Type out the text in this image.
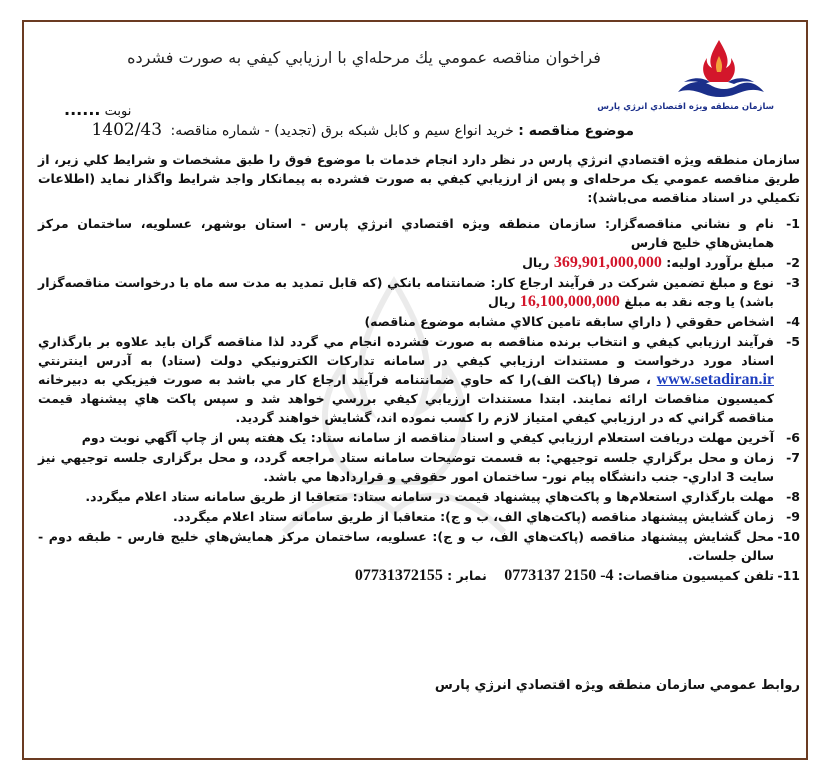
سازمان منطقه ويژه اقتصادي انرژي پارس
فراخوان مناقصه عمومي يك مرحله‌اي با ارزيابي كيفي به صورت فشرده
نوبت ......
موضوع مناقصه : خريد انواع سيم و كابل شبكه برق (تجديد) - شماره مناقصه: 1402/43
سازمان منطقه ويژه اقتصادي انرژي پارس در نظر دارد انجام خدمات با موضوع فوق را طبق مشخصات و شرايط كلي زير، از طريق مناقصه عمومي يک مرحله‌ای و پس از ارزيابي كيفي به صورت فشرده به پيمانكار واجد شرايط واگذار نمايد (اطلاعات تکميلي در اسناد مناقصه می‌باشد):
1-
نام و نشاني مناقصه‌گزار: سازمان منطقه ويژه اقتصادي انرژي پارس - استان بوشهر، عسلويه، ساختمان مركز همايش‌هاي خليج فارس
2-
مبلغ برآورد اوليه: 369,901,000,000 ريال
3-
نوع و مبلغ تضمين شركت در فرآيند ارجاع كار: ضمانتنامه بانكي (كه قابل تمديد به مدت سه ماه با درخواست مناقصه‌گزار باشد) يا وجه نقد به مبلغ 16,100,000,000 ريال
4-
اشخاص حقوقي ( داراي سابقه تامين كالاي مشابه موضوع مناقصه)
5-
فرآيند ارزيابي كيفي و انتخاب برنده مناقصه به صورت فشرده انجام مي گردد لذا مناقصه گران بايد علاوه بر بارگذاري اسناد مورد درخواست و مستندات ارزيابي كيفي در سامانه تداركات الكترونيكي دولت (ستاد) به آدرس اينترنتي www.setadiran.ir ، صرفا (پاكت الف)را كه حاوي ضمانتنامه فرآيند ارجاع كار مي باشد به صورت فيزيكي به دبيرخانه كميسيون مناقصات ارائه نمايند. ابتدا مستندات ارزيابي كيفي بررسي خواهد شد و سپس پاكت هاي پيشنهاد قيمت مناقصه گراني كه در ارزيابي كيفي امتياز لازم را كسب نموده اند، گشايش خواهند گرديد.
6-
آخرين مهلت دريافت استعلام ارزيابي كيفي و اسناد مناقصه از سامانه ستاد: يک هفته پس از چاپ آگهي نوبت دوم
7-
زمان و محل برگزاري جلسه توجيهي: به قسمت توضيحات سامانه ستاد مراجعه گردد، و محل برگزاری جلسه توجيهي نيز سايت 3 اداري- جنب دانشگاه پيام نور- ساختمان امور حقوقي و قراردادها مي باشد.
8-
مهلت بارگذاري استعلام‌ها و پاكت‌هاي پيشنهاد قيمت در سامانه ستاد: متعاقبا از طريق سامانه ستاد اعلام ميگردد.
9-
زمان گشايش پيشنهاد مناقصه (پاكت‌هاي الف، ب و ج): متعاقبا از طريق سامانه ستاد اعلام ميگردد.
10-
محل گشايش پيشنهاد مناقصه (پاكت‌هاي الف، ب و ج): عسلويه، ساختمان مركز همايش‌هاي خليج فارس - طبقه دوم - سالن جلسات.
11-
تلفن كميسيون مناقصات: 0773137 2150 -4    نمابر : 07731372155
روابط عمومي سازمان منطقه ويژه اقتصادي انرژي پارس
